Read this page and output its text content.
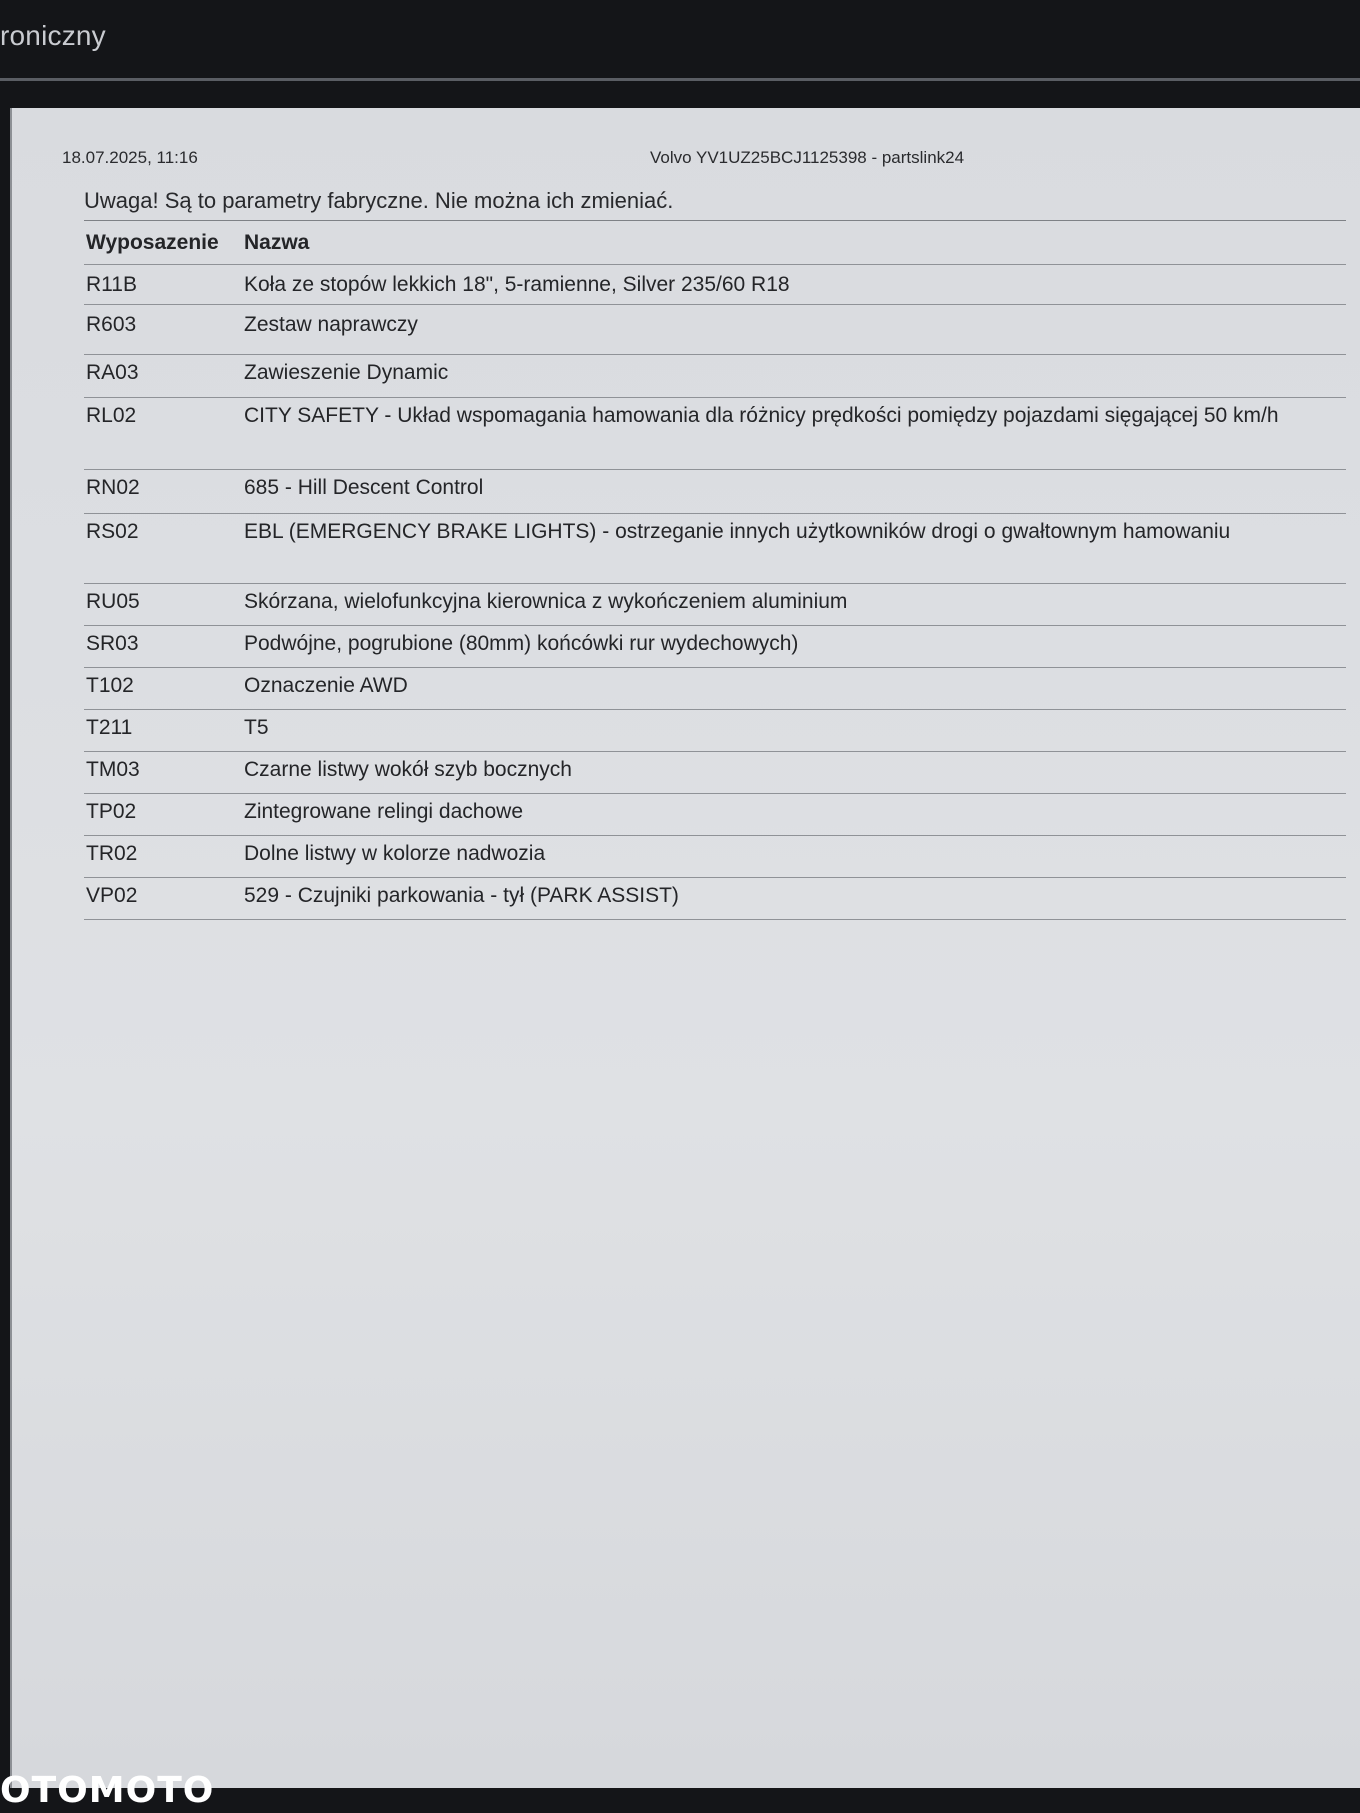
roniczny
18.07.2025, 11:16	Volvo YV1UZ25BCJ1125398 - partslink24
Uwaga! Są to parametry fabryczne. Nie można ich zmieniać.
Wyposazenie	Nazwa
R11B	Koła ze stopów lekkich 18", 5-ramienne, Silver 235/60 R18
R603	Zestaw naprawczy
RA03	Zawieszenie Dynamic
RL02	CITY SAFETY - Układ wspomagania hamowania dla różnicy prędkości pomiędzy pojazdami sięgającej 50 km/h
RN02	685 - Hill Descent Control
RS02	EBL (EMERGENCY BRAKE LIGHTS) - ostrzeganie innych użytkowników drogi o gwałtownym hamowaniu
RU05	Skórzana, wielofunkcyjna kierownica z wykończeniem aluminium
SR03	Podwójne, pogrubione (80mm) końcówki rur wydechowych)
T102	Oznaczenie AWD
T211	T5
TM03	Czarne listwy wokół szyb bocznych
TP02	Zintegrowane relingi dachowe
TR02	Dolne listwy w kolorze nadwozia
VP02	529 - Czujniki parkowania - tył (PARK ASSIST)
OTOMOTO
